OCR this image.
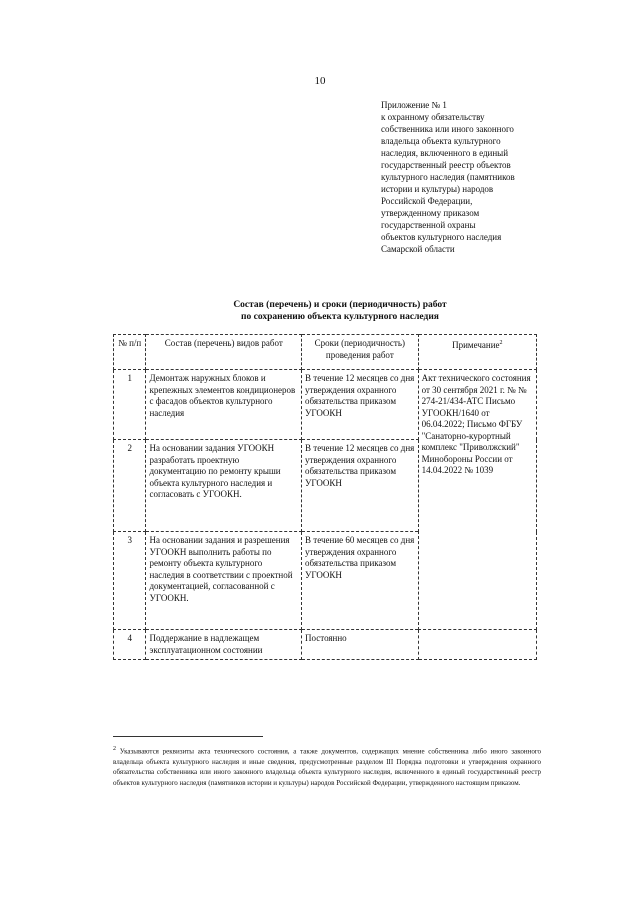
10
Приложение № 1
к охранному обязательству
собственника или иного законного
владельца объекта культурного
наследия, включенного в единый
государственный реестр объектов
культурного наследия (памятников
истории и культуры) народов
Российской Федерации,
утвержденному приказом
государственной охраны
объектов культурного наследия
Самарской области
Состав (перечень) и сроки (периодичность) работ
по сохранению объекта культурного наследия
№ п/п	Состав (перечень) видов работ	Сроки (периодичность) проведения работ	Примечание$^2$
1	Демонтаж наружных блоков и крепежных элементов кондиционеров с фасадов объектов культурного наследия	В течение 12 месяцев со дня утверждения охранного обязательства приказом УГООКН	Акт технического состояния от 30 сентября 2021 г. № № 274-21/434-АТС Письмо УГООКН/1640 от 06.04.2022; Письмо ФГБУ "Санаторно-курортный комплекс "Приволжский" Минобороны России от 14.04.2022 № 1039
2	На основании задания УГООКН разработать проектную документацию по ремонту крыши объекта культурного наследия и согласовать с УГООКН.	В течение 12 месяцев со дня утверждения охранного обязательства приказом УГООКН	
3	На основании задания и разрешения УГООКН выполнить работы по ремонту объекта культурного наследия в соответствии с проектной документацией, согласованной с УГООКН.	В течение 60 месяцев со дня утверждения охранного обязательства приказом УГООКН	
4	Поддержание в надлежащем эксплуатационном состоянии	Постоянно	
$^2$ Указываются реквизиты акта технического состояния, а также документов, содержащих мнение собственника либо иного законного владельца объекта культурного наследия и иные сведения, предусмотренные разделом III Порядка подготовки и утверждения охранного обязательства собственника или иного законного владельца объекта культурного наследия, включенного в единый государственный реестр объектов культурного наследия (памятников истории и культуры) народов Российской Федерации, утвержденного настоящим приказом.
